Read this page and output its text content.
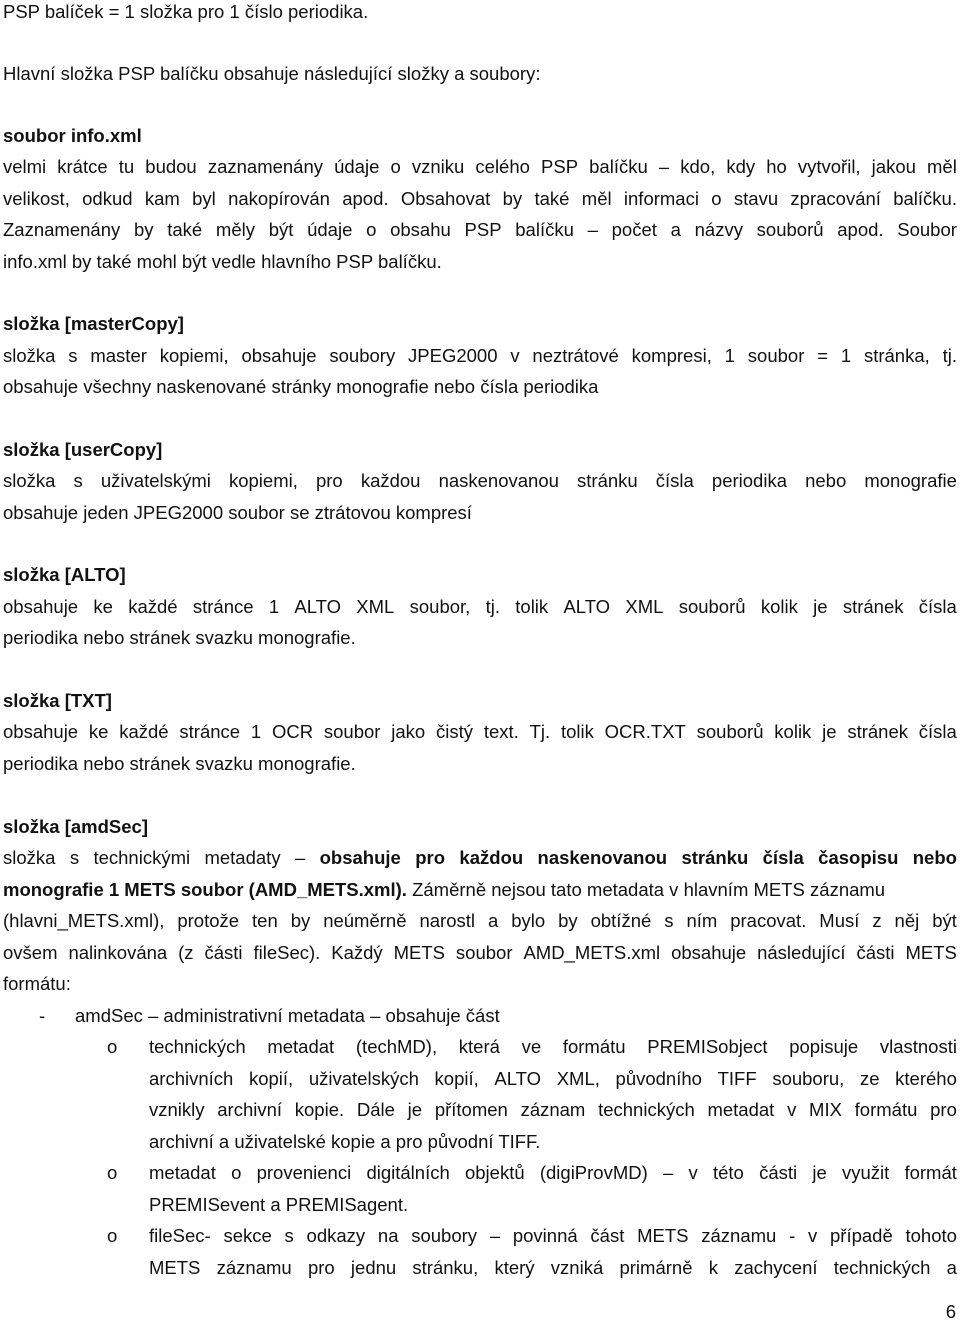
PSP balíček = 1 složka pro 1 číslo periodika.
Hlavní složka PSP balíčku obsahuje následující složky a soubory:
soubor info.xml
velmi krátce tu budou zaznamenány údaje o vzniku celého PSP balíčku – kdo, kdy ho vytvořil, jakou měl
velikost, odkud kam byl nakopírován apod. Obsahovat by také měl informaci o stavu zpracování balíčku.
Zaznamenány by také měly být údaje o obsahu PSP balíčku – počet a názvy souborů apod. Soubor
info.xml by také mohl být vedle hlavního PSP balíčku.
složka [masterCopy]
složka s master kopiemi, obsahuje soubory JPEG2000 v neztrátové kompresi, 1 soubor = 1 stránka, tj.
obsahuje všechny naskenované stránky monografie nebo čísla periodika
složka [userCopy]
složka s uživatelskými kopiemi, pro každou naskenovanou stránku čísla periodika nebo monografie
obsahuje jeden JPEG2000 soubor se ztrátovou kompresí
složka [ALTO]
obsahuje ke každé stránce 1 ALTO XML soubor, tj. tolik ALTO XML souborů kolik je stránek čísla
periodika nebo stránek svazku monografie.
složka [TXT]
obsahuje ke každé stránce 1 OCR soubor jako čistý text. Tj. tolik OCR.TXT souborů kolik je stránek čísla
periodika nebo stránek svazku monografie.
složka [amdSec]
složka s technickými metadaty – obsahuje pro každou naskenovanou stránku čísla časopisu nebo
monografie 1 METS soubor (AMD_METS.xml). Záměrně nejsou tato metadata v hlavním METS záznamu
(hlavni_METS.xml), protože ten by neúměrně narostl a bylo by obtížné s ním pracovat. Musí z něj být
ovšem nalinkována (z části fileSec). Každý METS soubor AMD_METS.xml obsahuje následující části METS
formátu:
- amdSec – administrativní metadata – obsahuje část
o technických metadat (techMD), která ve formátu PREMISobject popisuje vlastnosti
archivních kopií, uživatelských kopií, ALTO XML, původního TIFF souboru, ze kterého
vznikly archivní kopie. Dále je přítomen záznam technických metadat v MIX formátu pro
archivní a uživatelské kopie a pro původní TIFF.
o metadat o provenienci digitálních objektů (digiProvMD) – v této části je využit formát
PREMISevent a PREMISagent.
o fileSec- sekce s odkazy na soubory – povinná část METS záznamu - v případě tohoto
METS záznamu pro jednu stránku, který vzniká primárně k zachycení technických a
6
